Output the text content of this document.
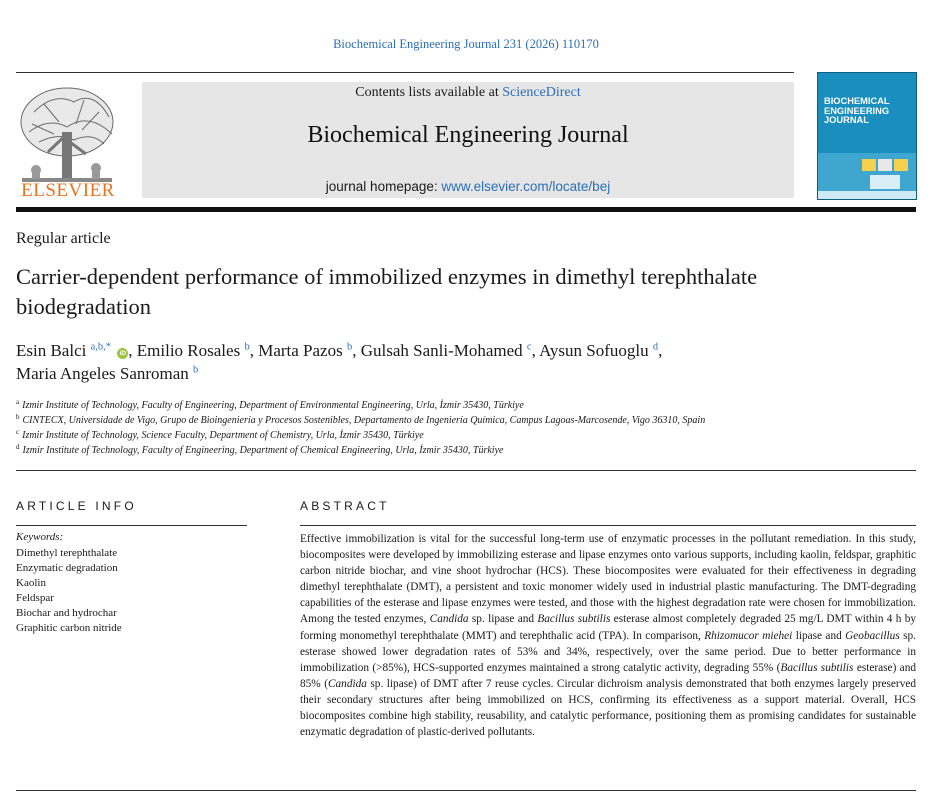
Biochemical Engineering Journal 231 (2026) 110170
ELSEVIER
Contents lists available at ScienceDirect
Biochemical Engineering Journal
journal homepage: www.elsevier.com/locate/bej
BIOCHEMICAL
ENGINEERING
JOURNAL
Regular article
Carrier-dependent performance of immobilized enzymes in dimethyl terephthalate biodegradation
Esin Balci $^{a,b,*}$ iD , Emilio Rosales $^b$, Marta Pazos $^b$, Gulsah Sanli-Mohamed $^c$, Aysun Sofuoglu $^d$,
Maria Angeles Sanroman $^b$
$^a$ Izmir Institute of Technology, Faculty of Engineering, Department of Environmental Engineering, Urla, İzmir 35430, Türkiye
$^b$ CINTECX, Universidade de Vigo, Grupo de Bioingeniería y Procesos Sostenibles, Departamento de Ingeniería Química, Campus Lagoas-Marcosende, Vigo 36310, Spain
$^c$ Izmir Institute of Technology, Science Faculty, Department of Chemistry, Urla, İzmir 35430, Türkiye
$^d$ Izmir Institute of Technology, Faculty of Engineering, Department of Chemical Engineering, Urla, İzmir 35430, Türkiye
ARTICLE INFO
Keywords:
Dimethyl terephthalate
Enzymatic degradation
Kaolin
Feldspar
Biochar and hydrochar
Graphitic carbon nitride
ABSTRACT

Effective immobilization is vital for the successful long-term use of enzymatic processes in the pollutant remediation. In this study, biocomposites were developed by immobilizing esterase and lipase enzymes onto various supports, including kaolin, feldspar, graphitic carbon nitride biochar, and vine shoot hydrochar (HCS). These biocomposites were evaluated for their effectiveness in degrading dimethyl terephthalate (DMT), a persistent and toxic monomer widely used in industrial plastic manufacturing. The DMT-degrading capabilities of the esterase and lipase enzymes were tested, and those with the highest degradation rate were chosen for immobilization. Among the tested enzymes, Candida sp. lipase and Bacillus subtilis esterase almost completely degraded 25 mg/L DMT within 4 h by forming monomethyl terephthalate (MMT) and terephthalic acid (TPA). In comparison, Rhizomucor miehei lipase and Geobacillus sp. esterase showed lower degradation rates of 53% and 34%, respectively, over the same period. Due to better performance in immobilization (>85%), HCS-supported enzymes maintained a strong catalytic activity, degrading 55% (Bacillus subtilis esterase) and 85% (Candida sp. lipase) of DMT after 7 reuse cycles. Circular dichroism analysis demonstrated that both enzymes largely preserved their secondary structures after being immobilized on HCS, confirming its effectiveness as a support material. Overall, HCS biocomposites combine high stability, reusability, and catalytic performance, positioning them as promising candidates for sustainable enzymatic degradation of plastic-derived pollutants.
